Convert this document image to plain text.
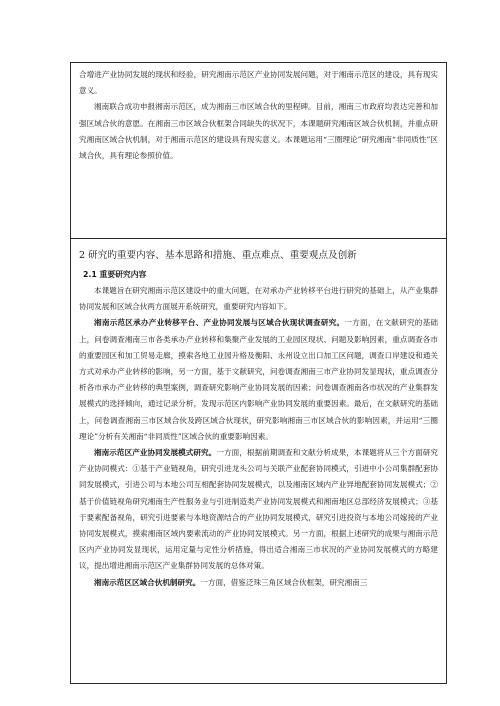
合增进产业协同发展的现状和经验，研究湘南示范区产业协同发展问题，对于湘南示范区的建设，具有现实意义。

湘南联合成功申报湘南示范区，成为湘南三市区域合伙的里程碑。目前，湘南三市政府均表达完善和加强区域合伙的意愿。在湘南三市区域合伙框架合同缺失的状况下，本课题研究湘南区域合伙机制，并重点研究湘南区域合伙机制，对于湘南示范区的建设具有现实意义。本课题运用“三圈理论”研究湘南“非同质性”区域合伙，具有理论参照价值。

2 研究旳重要内容、基本思路和措施、重点难点、重要观点及创新
2.1 重要研究内容

本课题旨在研究湘南示范区建设中的重大问题，在对承办产业转移平台进行研究的基础上，从产业集群协同发展和区域合伙两方面展开系统研究，重要研究内容如下。

湘南示范区承办产业转移平台、产业协同发展与区域合伙现状调查研究。一方面，在文献研究的基础上，问卷调查湘南三市各类承办产业转移和集聚产业发展的工业园区现状、问题及影响因素，重点调查各市的重要园区和加工贸易走廊，摸索各地工业园升格及衡阳、永州设立出口加工区问题，调查口岸建设和通关方式对承办产业转移的影响，另一方面，基于文献研究，问卷调查湘南三市产业协同发显现状，重点调查分析各市承办产业转移的典型案例，调查研究影响产业协同发展的因素；问卷调查湘南各市状况的产业集群发展模式的选择倾向，通过记录分析，发现示范区内影响产业协同发展的重要因素。最后，在文献研究的基础上，问卷调查湘南三市区域合伙及跨区域合伙现状，研究影响湘南三市区域合伙的影响因素，并运用“三圈理论”分析有关湘南“非同质性”区域合伙的重要影响因素。

湘南示范区产业协同发展模式研究。一方面，根据前期调查和文献分析成果，本课题将从三个方面研究产业协同模式：①基于产业链视角，研究引进龙头公司与关联产业配套协同模式，引进中小公司集群配套协同发展模式，引进公司与本地公司互相配套协同发展模式，以及湘南区域内产业异地配套协同发展模式；②基于价值链视角研究湘南生产性服务业与引进制造类产业协同发展模式和湘南地区总部经济发展模式；③基于要素配备视角，研究引进要素与本地资源结合的产业协同发展模式，研究引进投资与本地公司嫁接的产业协同发展模式，摸索湘南区域内要素流动的产业协同发展模式。另一方面，根据上述研究的成果与湘南示范区内产业协同发显现状，运用定量与定性分析措施，得出适合湘南三市状况的产业协同发展模式的方略建议，提出增进湘南示范区产业集群协同发展的总体对策。

湘南示范区区域合伙机制研究。一方面，借鉴泛珠三角区域合伙框架，研究湘南三
